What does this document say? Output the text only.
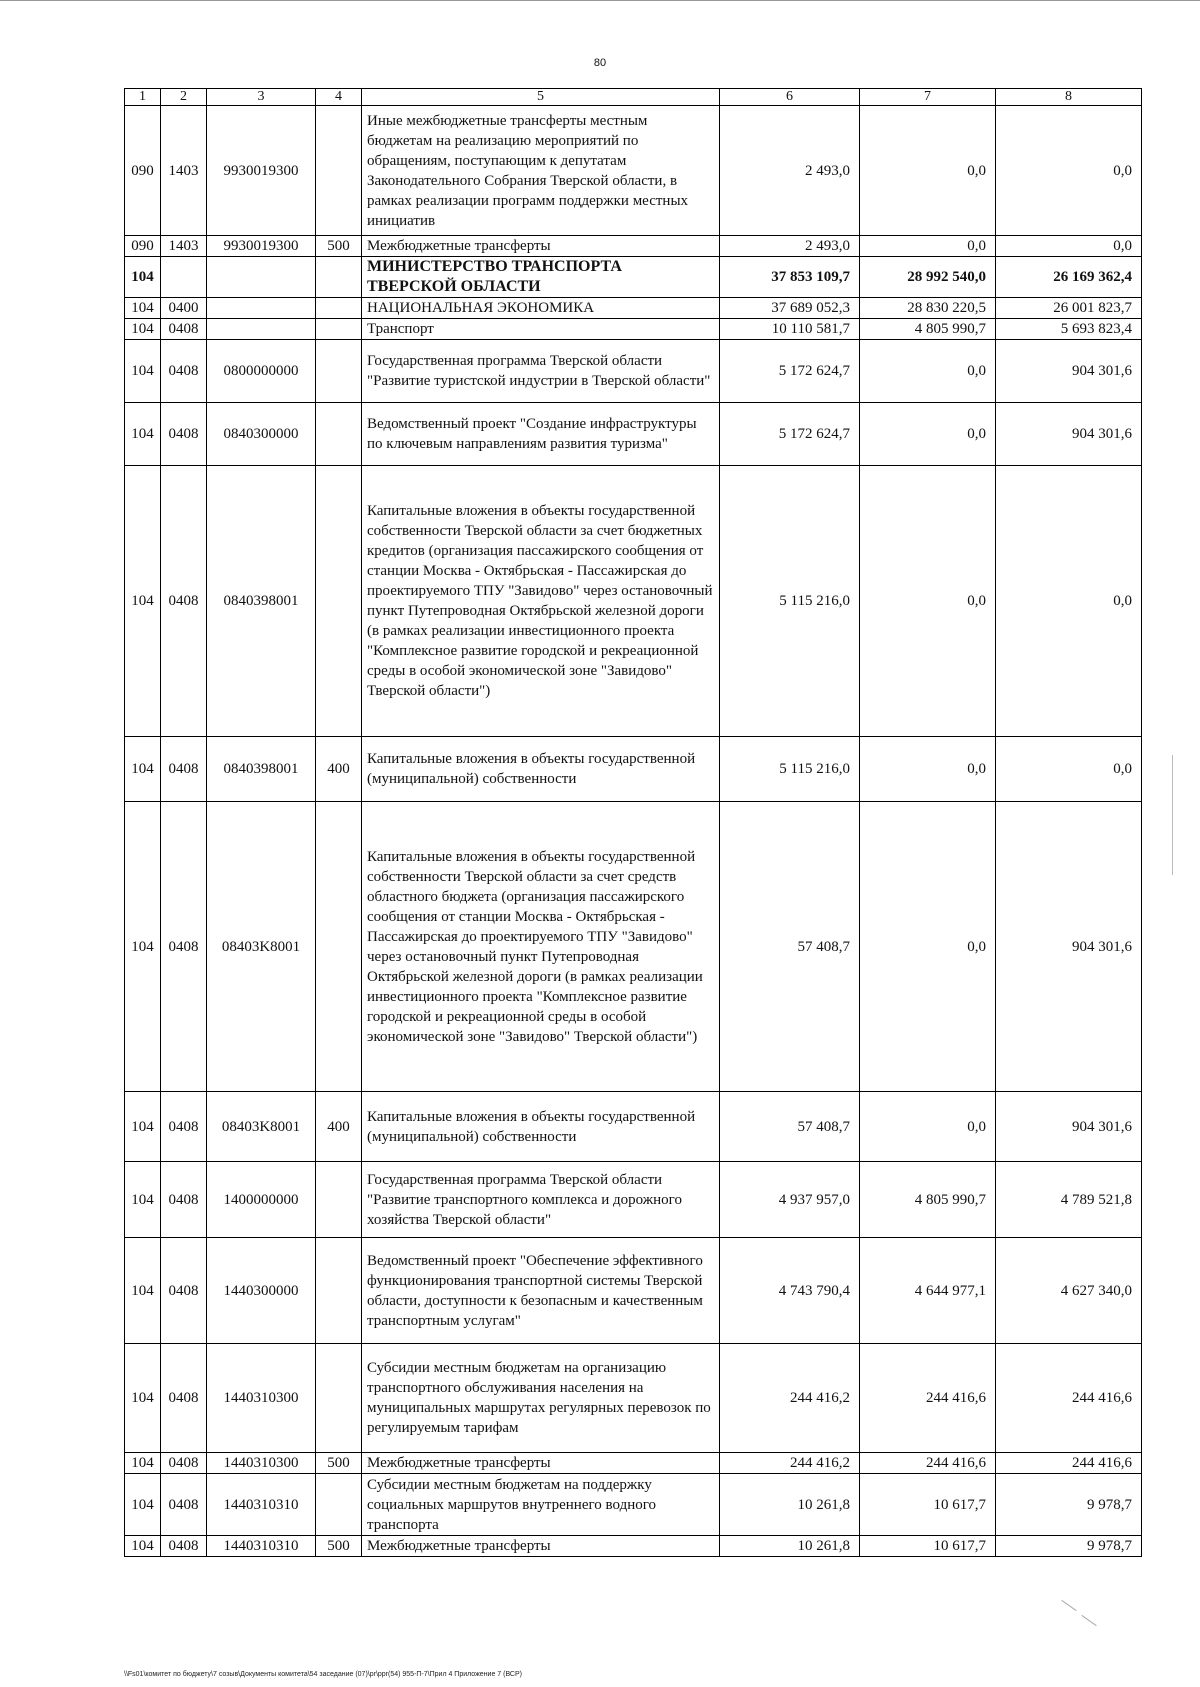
80
1	2	3	4	5	6	7	8
090	1403	9930019300		Иные межбюджетные трансферты местным бюджетам на реализацию мероприятий по обращениям, поступающим к депутатам Законодательного Собрания Тверской области, в рамках реализации программ поддержки местных инициатив	2 493,0	0,0	0,0
090	1403	9930019300	500	Межбюджетные трансферты	2 493,0	0,0	0,0
104				МИНИСТЕРСТВО ТРАНСПОРТА ТВЕРСКОЙ ОБЛАСТИ	37 853 109,7	28 992 540,0	26 169 362,4
104	0400			НАЦИОНАЛЬНАЯ ЭКОНОМИКА	37 689 052,3	28 830 220,5	26 001 823,7
104	0408			Транспорт	10 110 581,7	4 805 990,7	5 693 823,4
104	0408	0800000000		Государственная программа Тверской области "Развитие туристской индустрии в Тверской области"	5 172 624,7	0,0	904 301,6
104	0408	0840300000		Ведомственный проект "Создание инфраструктуры по ключевым направлениям развития туризма"	5 172 624,7	0,0	904 301,6
104	0408	0840398001		Капитальные вложения в объекты государственной собственности Тверской области за счет бюджетных кредитов (организация пассажирского сообщения от станции Москва - Октябрьская - Пассажирская до проектируемого ТПУ "Завидово" через остановочный пункт Путепроводная Октябрьской железной дороги (в рамках реализации инвестиционного проекта "Комплексное развитие городской и рекреационной среды в особой экономической зоне "Завидово" Тверской области")	5 115 216,0	0,0	0,0
104	0408	0840398001	400	Капитальные вложения в объекты государственной (муниципальной) собственности	5 115 216,0	0,0	0,0
104	0408	08403K8001		Капитальные вложения в объекты государственной собственности Тверской области за счет средств областного бюджета (организация пассажирского сообщения от станции Москва - Октябрьская - Пассажирская до проектируемого ТПУ "Завидово" через остановочный пункт Путепроводная Октябрьской железной дороги (в рамках реализации инвестиционного проекта "Комплексное развитие городской и рекреационной среды в особой экономической зоне "Завидово" Тверской области")	57 408,7	0,0	904 301,6
104	0408	08403K8001	400	Капитальные вложения в объекты государственной (муниципальной) собственности	57 408,7	0,0	904 301,6
104	0408	1400000000		Государственная программа Тверской области "Развитие транспортного комплекса и дорожного хозяйства Тверской области"	4 937 957,0	4 805 990,7	4 789 521,8
104	0408	1440300000		Ведомственный проект "Обеспечение эффективного функционирования транспортной системы Тверской области, доступности к безопасным и качественным транспортным услугам"	4 743 790,4	4 644 977,1	4 627 340,0
104	0408	1440310300		Субсидии местным бюджетам на организацию транспортного обслуживания населения на муниципальных маршрутах регулярных перевозок по регулируемым тарифам	244 416,2	244 416,6	244 416,6
104	0408	1440310300	500	Межбюджетные трансферты	244 416,2	244 416,6	244 416,6
104	0408	1440310310		Субсидии местным бюджетам на поддержку социальных маршрутов внутреннего водного транспорта	10 261,8	10 617,7	9 978,7
104	0408	1440310310	500	Межбюджетные трансферты	10 261,8	10 617,7	9 978,7
\\Fs01\комитет по бюджету\7 созыв\Документы комитета\54 заседание (07)\pr\ppr(54) 955-П-7\Прил 4 Приложение 7 (ВСР)
